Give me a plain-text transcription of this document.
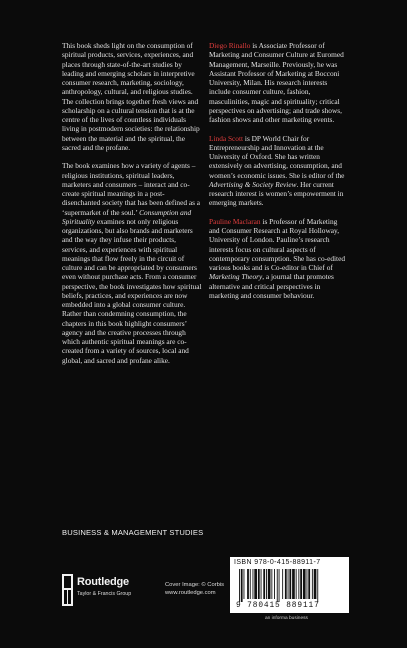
This book sheds light on the consumption of spiritual products, services, experiences, and places through state-of-the-art studies by leading and emerging scholars in interpretive consumer research, marketing, sociology, anthropology, cultural, and religious studies. The collection brings together fresh views and scholarship on a cultural tension that is at the centre of the lives of countless individuals living in postmodern societies: the relationship between the material and the spiritual, the sacred and the profane.

The book examines how a variety of agents – religious institutions, spiritual leaders, marketers and consumers – interact and co-create spiritual meanings in a post-disenchanted society that has been defined as a ‘supermarket of the soul.’ Consumption and Spirituality examines not only religious organizations, but also brands and marketers and the way they infuse their products, services, and experiences with spiritual meanings that flow freely in the circuit of culture and can be appropriated by consumers even without purchase acts. From a consumer perspective, the book investigates how spiritual beliefs, practices, and experiences are now embedded into a global consumer culture. Rather than condemning consumption, the chapters in this book highlight consumers’ agency and the creative processes through which authentic spiritual meanings are co-created from a variety of sources, local and global, and sacred and profane alike.

Diego Rinallo is Associate Professor of Marketing and Consumer Culture at Euromed Management, Marseille. Previously, he was Assistant Professor of Marketing at Bocconi University, Milan. His research interests include consumer culture, fashion, masculinities, magic and spirituality; critical perspectives on advertising; and trade shows, fashion shows and other marketing events.

Linda Scott is DP World Chair for Entrepreneurship and Innovation at the University of Oxford. She has written extensively on advertising, consumption, and women’s economic issues. She is editor of the Advertising & Society Review. Her current research interest is women’s empowerment in emerging markets.

Pauline Maclaran is Professor of Marketing and Consumer Research at Royal Holloway, University of London. Pauline’s research interests focus on cultural aspects of contemporary consumption. She has co-edited various books and is Co-editor in Chief of Marketing Theory, a journal that promotes alternative and critical perspectives in marketing and consumer behaviour.

BUSINESS & MANAGEMENT STUDIES
Routledge
Taylor & Francis Group
Cover Image: © Corbis
www.routledge.com
ISBN 978-0-415-88911-7
9 780415 889117
an informa business
